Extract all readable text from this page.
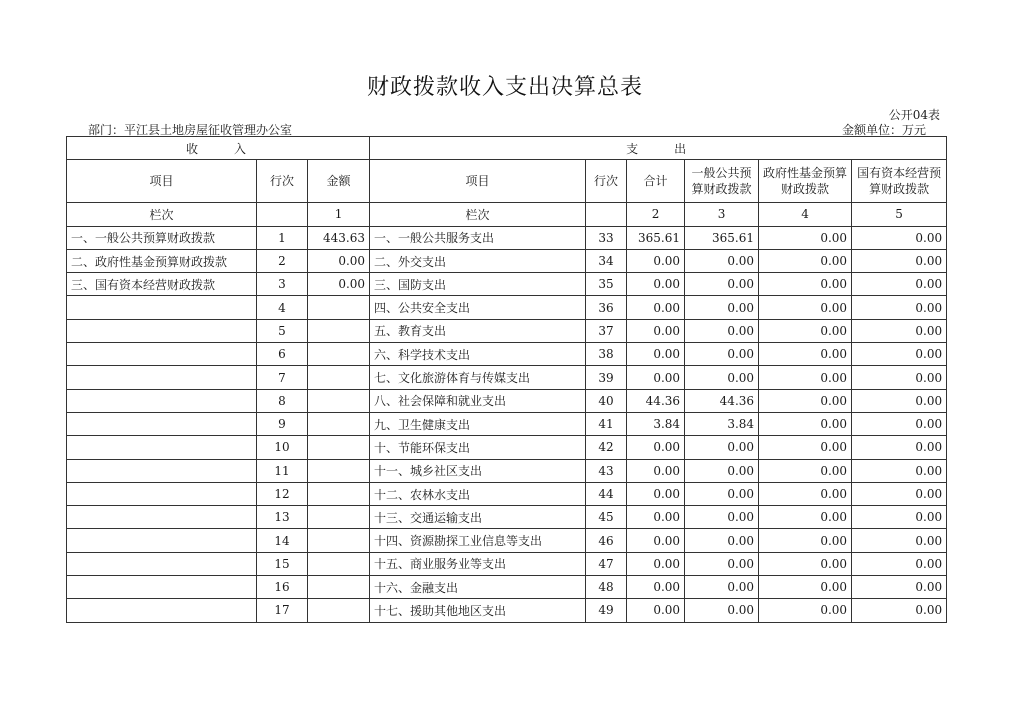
财政拨款收入支出决算总表
公开04表
部门：平江县土地房屋征收管理办公室	金额单位：万元
收　　入			支　　出					
项目	行次	金额	项目	行次	合计	一般公共预算财政拨款	政府性基金预算财政拨款	国有资本经营预算财政拨款
栏次		1	栏次		2	3	4	5
一、一般公共预算财政拨款	1	443.63	一、一般公共服务支出	33	365.61	365.61	0.00	0.00
二、政府性基金预算财政拨款	2	0.00	二、外交支出	34	0.00	0.00	0.00	0.00
三、国有资本经营财政拨款	3	0.00	三、国防支出	35	0.00	0.00	0.00	0.00
	4		四、公共安全支出	36	0.00	0.00	0.00	0.00
	5		五、教育支出	37	0.00	0.00	0.00	0.00
	6		六、科学技术支出	38	0.00	0.00	0.00	0.00
	7		七、文化旅游体育与传媒支出	39	0.00	0.00	0.00	0.00
	8		八、社会保障和就业支出	40	44.36	44.36	0.00	0.00
	9		九、卫生健康支出	41	3.84	3.84	0.00	0.00
	10		十、节能环保支出	42	0.00	0.00	0.00	0.00
	11		十一、城乡社区支出	43	0.00	0.00	0.00	0.00
	12		十二、农林水支出	44	0.00	0.00	0.00	0.00
	13		十三、交通运输支出	45	0.00	0.00	0.00	0.00
	14		十四、资源勘探工业信息等支出	46	0.00	0.00	0.00	0.00
	15		十五、商业服务业等支出	47	0.00	0.00	0.00	0.00
	16		十六、金融支出	48	0.00	0.00	0.00	0.00
	17		十七、援助其他地区支出	49	0.00	0.00	0.00	0.00
